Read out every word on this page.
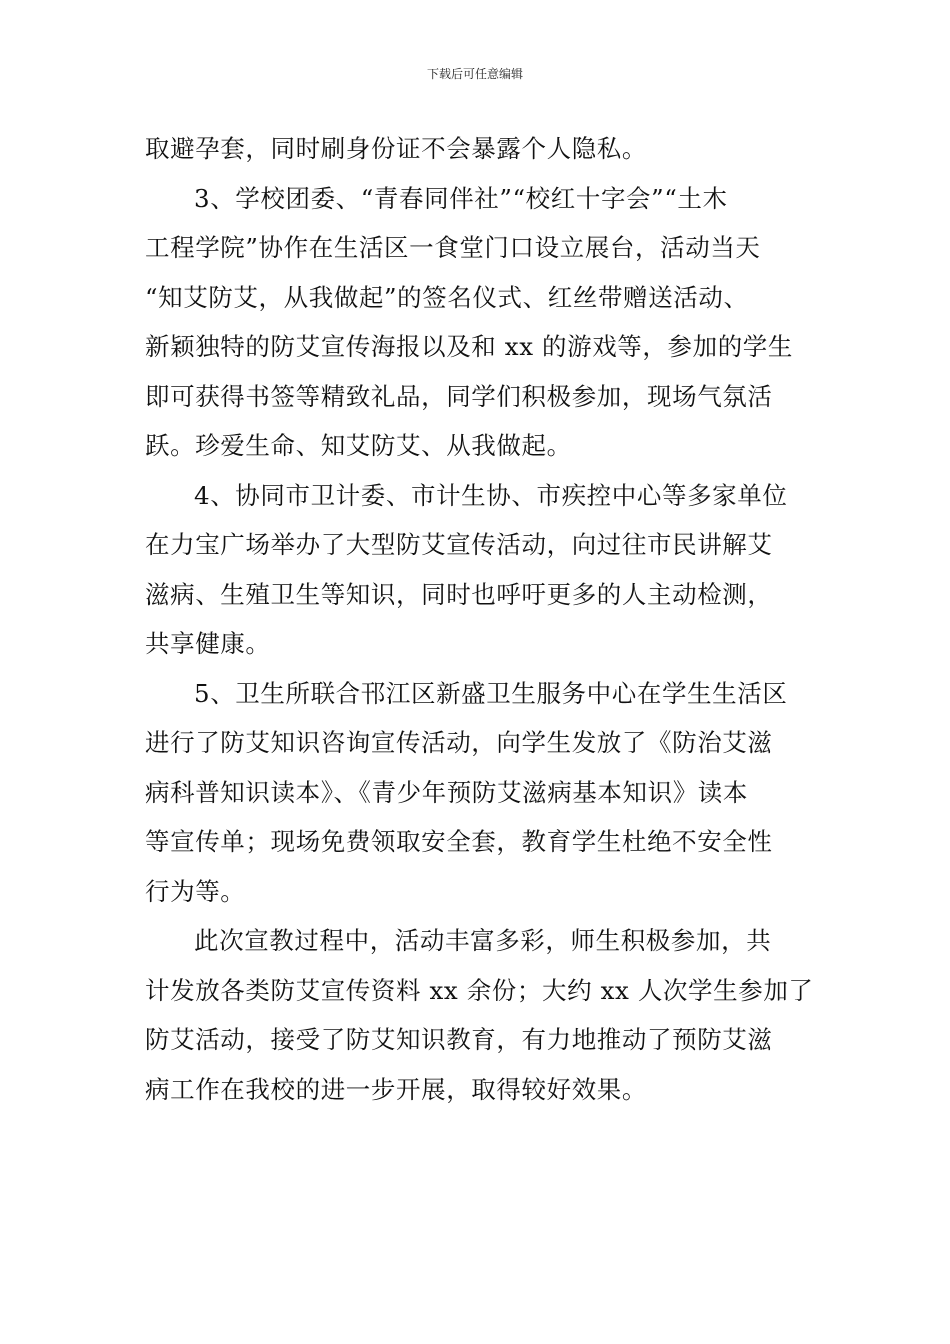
下载后可任意编辑
取避孕套，同时刷身份证不会暴露个人隐私。
3、学校团委、“青春同伴社”“校红十字会”“土木
工程学院”协作在生活区一食堂门口设立展台，活动当天
“知艾防艾，从我做起”的签名仪式、红丝带赠送活动、
新颖独特的防艾宣传海报以及和 xx 的游戏等，参加的学生
即可获得书签等精致礼品，同学们积极参加，现场气氛活
跃。珍爱生命、知艾防艾、从我做起。
4、协同市卫计委、市计生协、市疾控中心等多家单位
在力宝广场举办了大型防艾宣传活动，向过往市民讲解艾
滋病、生殖卫生等知识，同时也呼吁更多的人主动检测，
共享健康。
5、卫生所联合邗江区新盛卫生服务中心在学生生活区
进行了防艾知识咨询宣传活动，向学生发放了《防治艾滋
病科普知识读本》、《青少年预防艾滋病基本知识》读本
等宣传单；现场免费领取安全套，教育学生杜绝不安全性
行为等。
此次宣教过程中，活动丰富多彩，师生积极参加，共
计发放各类防艾宣传资料 xx 余份；大约 xx 人次学生参加了
防艾活动，接受了防艾知识教育，有力地推动了预防艾滋
病工作在我校的进一步开展，取得较好效果。
